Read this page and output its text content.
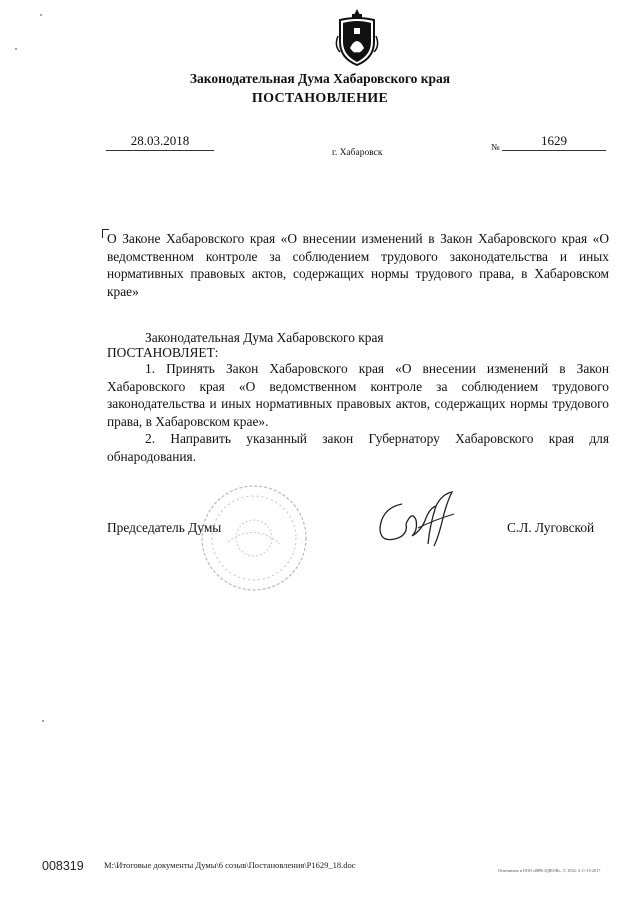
Законодательная Дума Хабаровского края
ПОСТАНОВЛЕНИЕ
28.03.2018
г. Хабаровск
№	1629
О Законе Хабаровского края «О внесении изменений в Закон Хабаровского края «О ведомственном контроле за соблюдением трудового законодательства и иных нормативных правовых актов, содержащих нормы трудового права, в Хабаровском крае»
Законодательная Дума Хабаровского края
ПОСТАНОВЛЯЕТ:

1. Принять Закон Хабаровского края «О внесении изменений в Закон Хабаровского края «О ведомственном контроле за соблюдением трудового законодательства и иных нормативных правовых актов, содержащих нормы трудового права, в Хабаровском крае».

2. Направить указанный закон Губернатору Хабаровского края для обнародования.

Председатель Думы	С.Л. Луговской
008319 М:\Итоговые документы Думы\6 созыв\Постановления\P1629_18.doc
Отпечатано в ООО «ВРК-ОДЕОН», Т. 1032, З. С-13-2017
